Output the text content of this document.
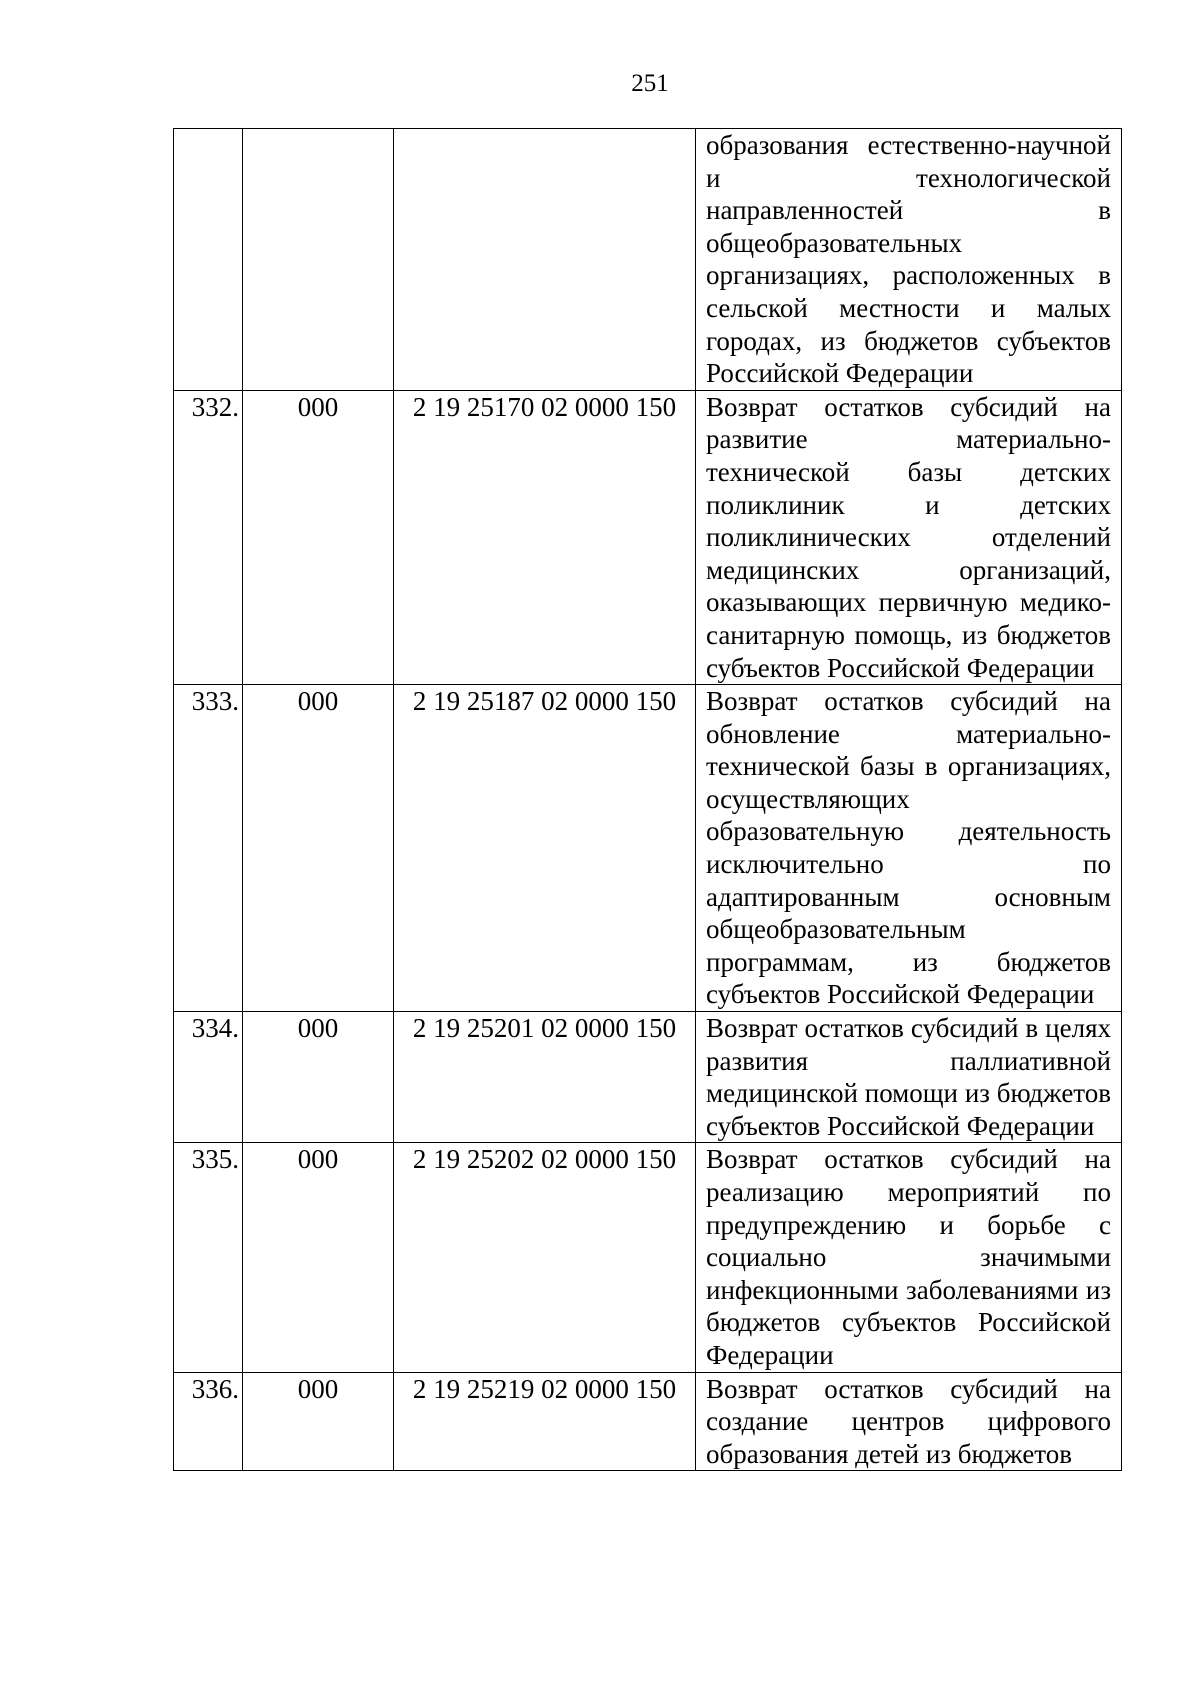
251
			образования естественно-научной и технологической направленностей в общеобразовательных организациях, расположенных в сельской местности и малых городах, из бюджетов субъектов Российской Федерации
332.	000	2 19 25170 02 0000 150	Возврат остатков субсидий на развитие материально-технической базы детских поликлиник и детских поликлинических отделений медицинских организаций, оказывающих первичную медико-санитарную помощь, из бюджетов субъектов Российской Федерации
333.	000	2 19 25187 02 0000 150	Возврат остатков субсидий на обновление материально-технической базы в организациях, осуществляющих образовательную деятельность исключительно по адаптированным основным общеобразовательным программам, из бюджетов субъектов Российской Федерации
334.	000	2 19 25201 02 0000 150	Возврат остатков субсидий в целях развития паллиативной медицинской помощи из бюджетов субъектов Российской Федерации
335.	000	2 19 25202 02 0000 150	Возврат остатков субсидий на реализацию мероприятий по предупреждению и борьбе с социально значимыми инфекционными заболеваниями из бюджетов субъектов Российской Федерации
336.	000	2 19 25219 02 0000 150	Возврат остатков субсидий на создание центров цифрового образования детей из бюджетов
